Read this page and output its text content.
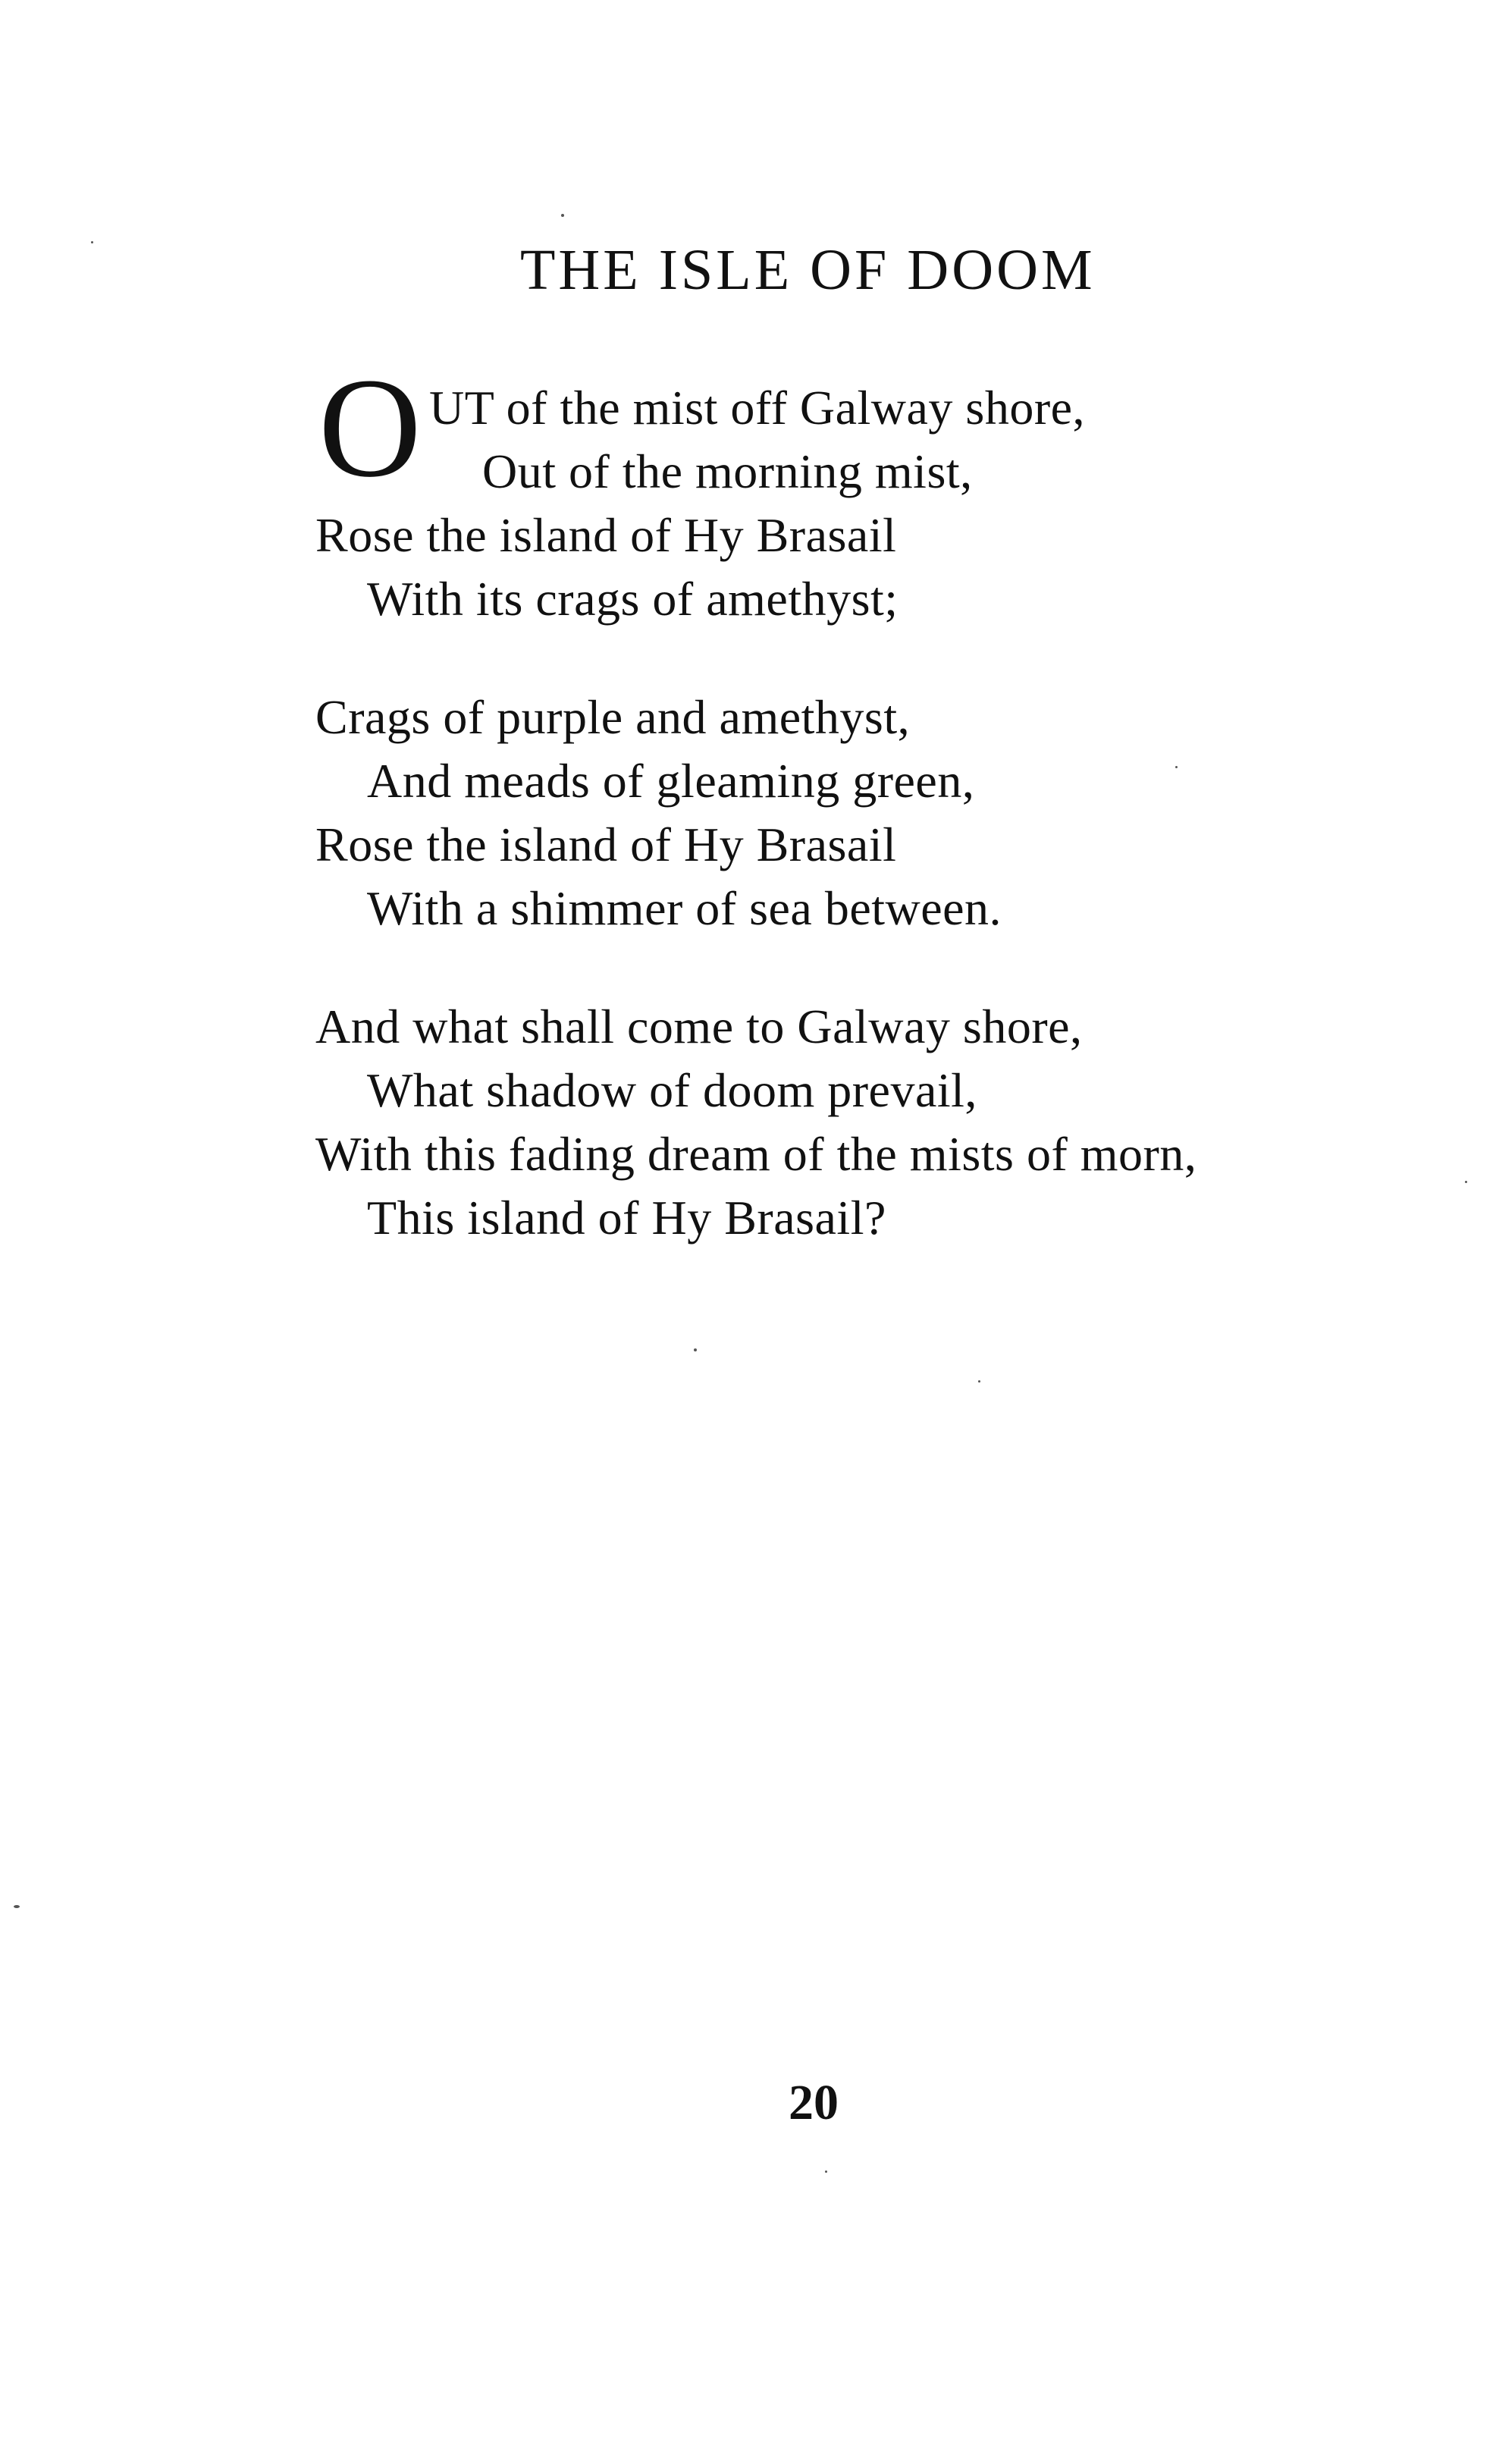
THE ISLE OF DOOM
O UT of the mist off Galway shore,
Out of the morning mist,
Rose the island of Hy Brasail
With its crags of amethyst;
Crags of purple and amethyst,
And meads of gleaming green,
Rose the island of Hy Brasail
With a shimmer of sea between.
And what shall come to Galway shore,
What shadow of doom prevail,
With this fading dream of the mists of morn,
This island of Hy Brasail?
20
